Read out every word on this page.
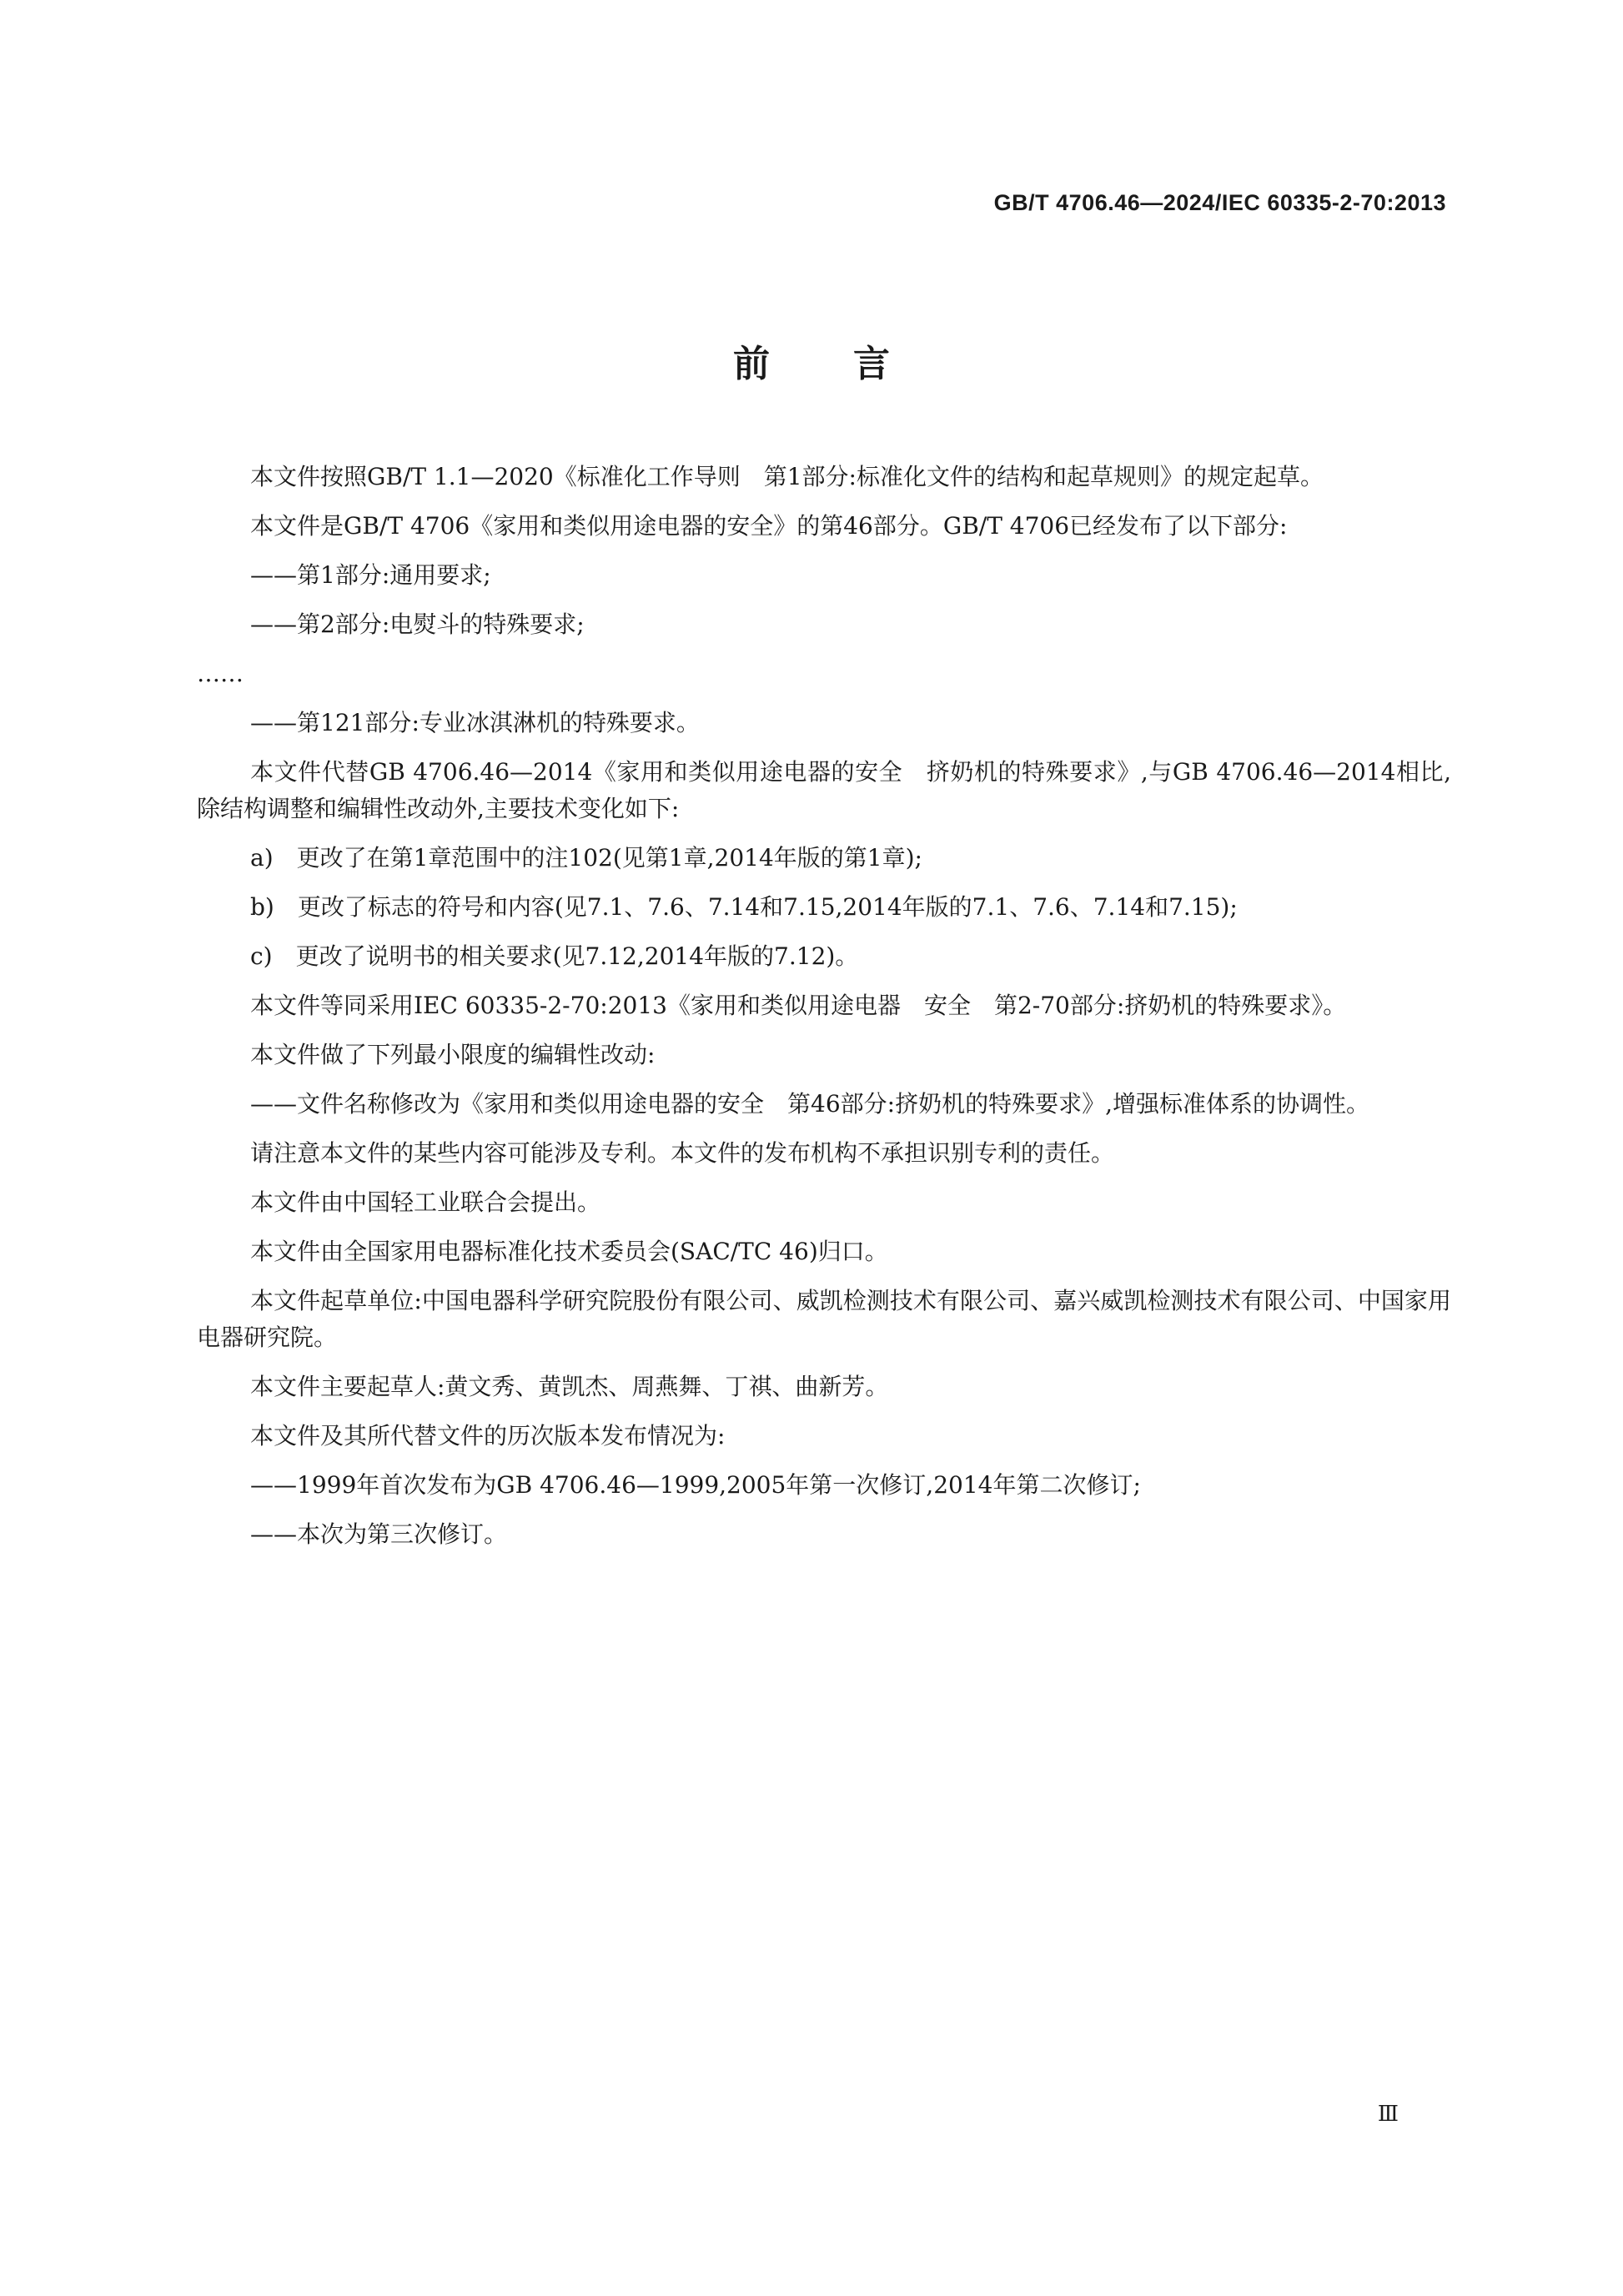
GB/T 4706.46—2024/IEC 60335-2-70:2013
前言

本文件按照GB/T 1.1—2020《标准化工作导则　第1部分:标准化文件的结构和起草规则》的规定起草。

本文件是GB/T 4706《家用和类似用途电器的安全》的第46部分。GB/T 4706已经发布了以下部分:

——第1部分:通用要求;
——第2部分:电熨斗的特殊要求;
……
——第121部分:专业冰淇淋机的特殊要求。

本文件代替GB 4706.46—2014《家用和类似用途电器的安全　挤奶机的特殊要求》,与GB 4706.46—2014相比,除结构调整和编辑性改动外,主要技术变化如下:

a)　更改了在第1章范围中的注102(见第1章,2014年版的第1章);
b)　更改了标志的符号和内容(见7.1、7.6、7.14和7.15,2014年版的7.1、7.6、7.14和7.15);
c)　更改了说明书的相关要求(见7.12,2014年版的7.12)。

本文件等同采用IEC 60335-2-70:2013《家用和类似用途电器　安全　第2-70部分:挤奶机的特殊要求》。

本文件做了下列最小限度的编辑性改动:

——文件名称修改为《家用和类似用途电器的安全　第46部分:挤奶机的特殊要求》,增强标准体系的协调性。

请注意本文件的某些内容可能涉及专利。本文件的发布机构不承担识别专利的责任。

本文件由中国轻工业联合会提出。

本文件由全国家用电器标准化技术委员会(SAC/TC 46)归口。

本文件起草单位:中国电器科学研究院股份有限公司、威凯检测技术有限公司、嘉兴威凯检测技术有限公司、中国家用电器研究院。

本文件主要起草人:黄文秀、黄凯杰、周燕舞、丁祺、曲新芳。

本文件及其所代替文件的历次版本发布情况为:

——1999年首次发布为GB 4706.46—1999,2005年第一次修订,2014年第二次修订;
——本次为第三次修订。
Ⅲ
